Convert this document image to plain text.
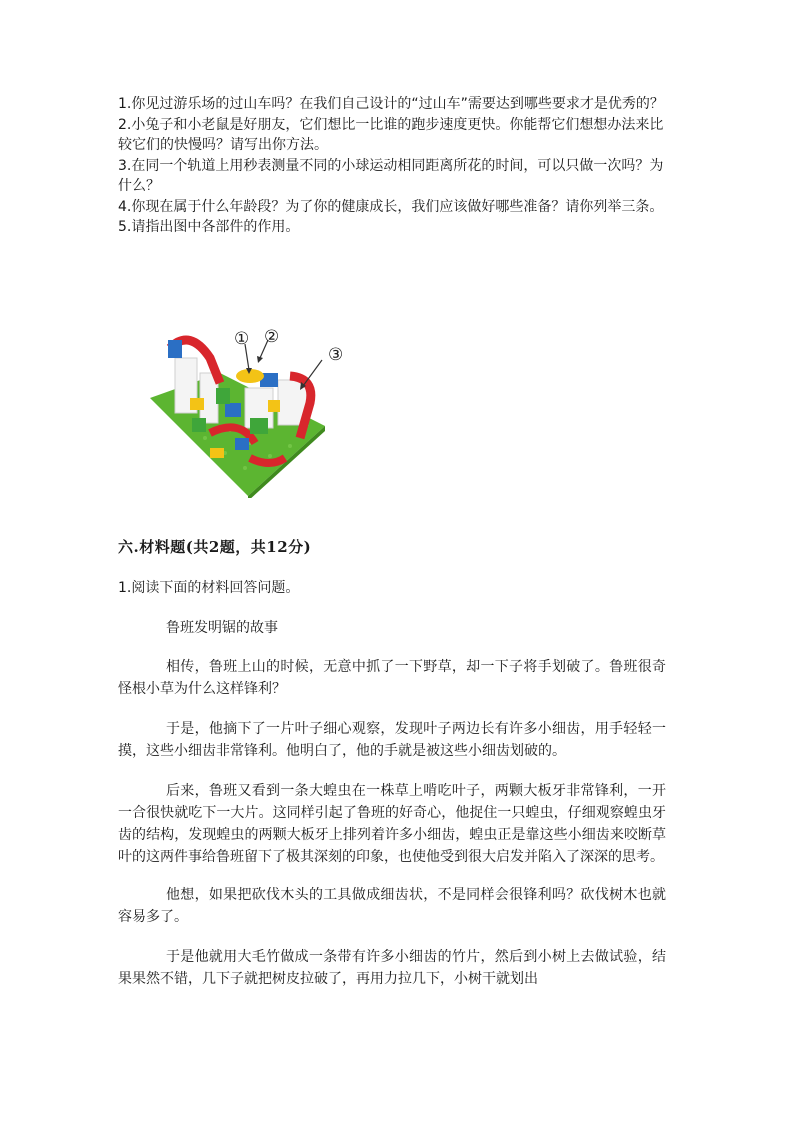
1.你见过游乐场的过山车吗？在我们自己设计的“过山车”需要达到哪些要求才是优秀的？

2.小兔子和小老鼠是好朋友，它们想比一比谁的跑步速度更快。你能帮它们想想办法来比较它们的快慢吗？请写出你方法。

3.在同一个轨道上用秒表测量不同的小球运动相同距离所花的时间，可以只做一次吗？为什么？

4.你现在属于什么年龄段？为了你的健康成长，我们应该做好哪些准备？请你列举三条。

5.请指出图中各部件的作用。

① ②
③
六.材料题(共2题，共12分)
1.阅读下面的材料回答问题。
鲁班发明锯的故事

相传，鲁班上山的时候，无意中抓了一下野草，却一下子将手划破了。鲁班很奇怪根小草为什么这样锋利？

于是，他摘下了一片叶子细心观察，发现叶子两边长有许多小细齿，用手轻轻一摸，这些小细齿非常锋利。他明白了，他的手就是被这些小细齿划破的。

后来，鲁班又看到一条大蝗虫在一株草上啃吃叶子，两颗大板牙非常锋利，一开一合很快就吃下一大片。这同样引起了鲁班的好奇心，他捉住一只蝗虫，仔细观察蝗虫牙齿的结构，发现蝗虫的两颗大板牙上排列着许多小细齿，蝗虫正是靠这些小细齿来咬断草叶的这两件事给鲁班留下了极其深刻的印象，也使他受到很大启发并陷入了深深的思考。

他想，如果把砍伐木头的工具做成细齿状，不是同样会很锋利吗？砍伐树木也就容易多了。

于是他就用大毛竹做成一条带有许多小细齿的竹片，然后到小树上去做试验，结果果然不错，几下子就把树皮拉破了，再用力拉几下，小树干就划出
